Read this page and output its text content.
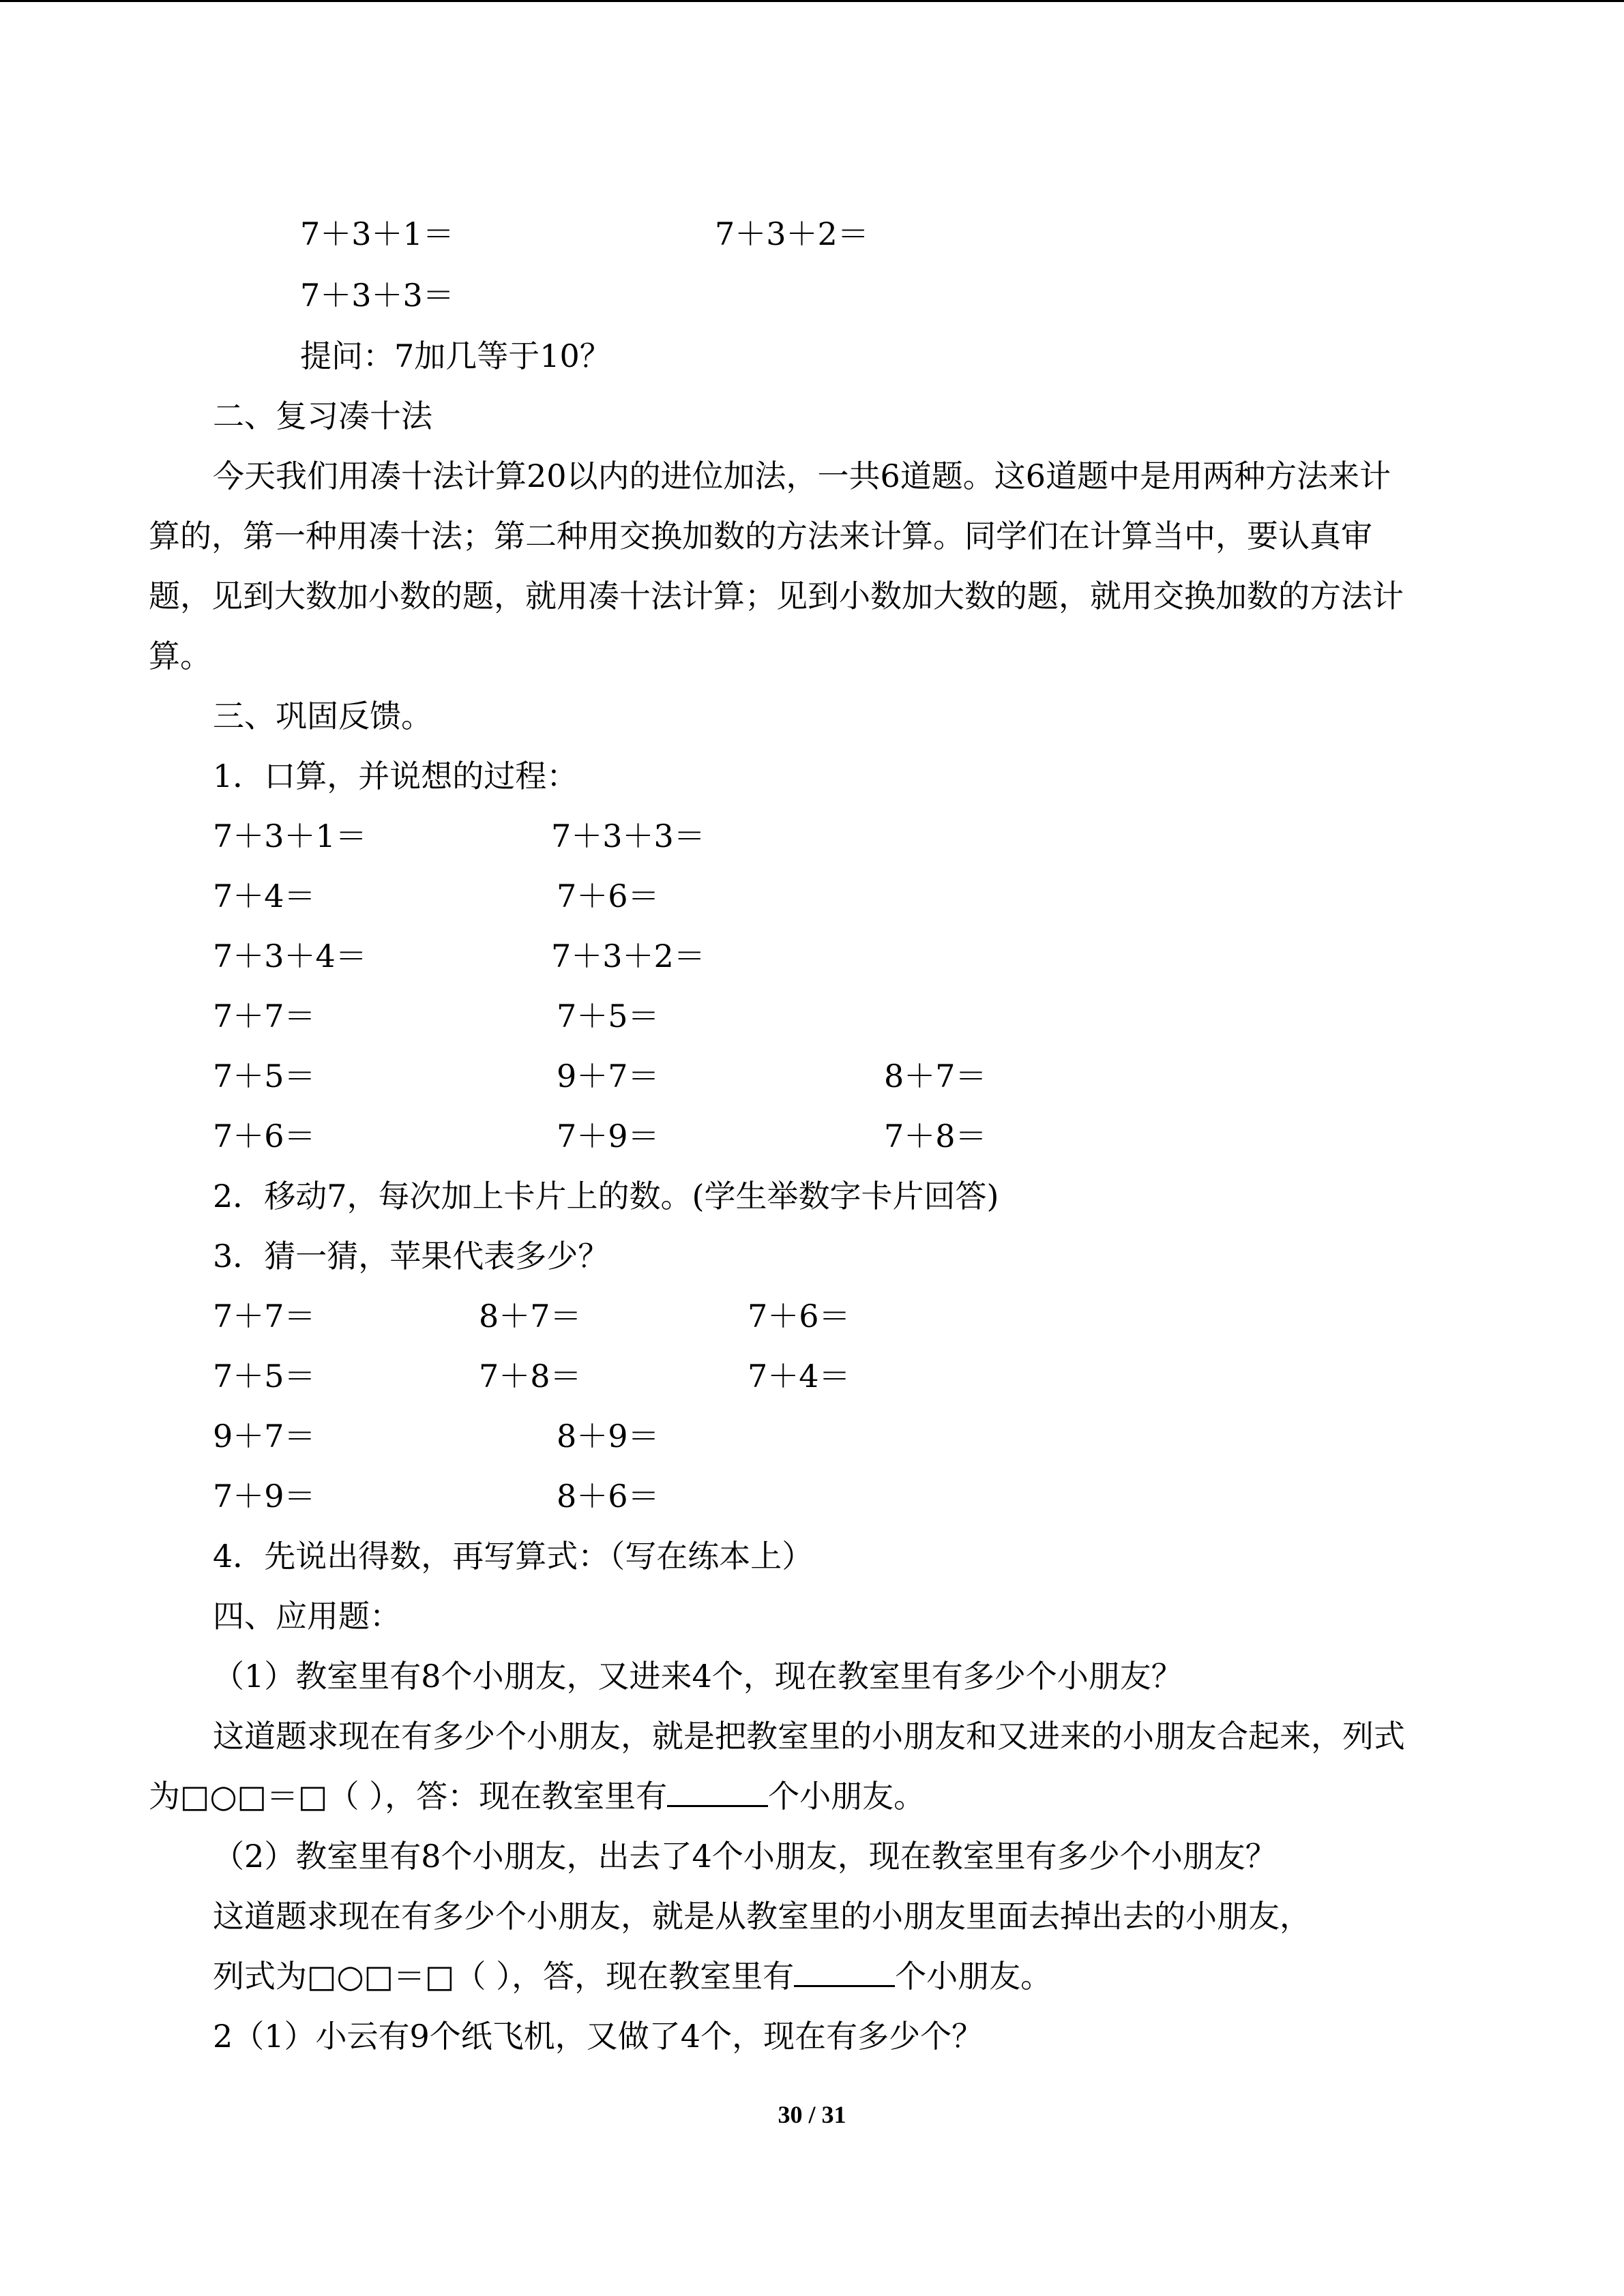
7＋3＋1＝	7＋3＋2＝
7＋3＋3＝
提问：7加几等于10？
二、复习凑十法
今天我们用凑十法计算20以内的进位加法，一共6道题。这6道题中是用两种方法来计
算的，第一种用凑十法；第二种用交换加数的方法来计算。同学们在计算当中，要认真审
题，见到大数加小数的题，就用凑十法计算；见到小数加大数的题，就用交换加数的方法计
算。
三、巩固反馈。
1．口算，并说想的过程：
7＋3＋1＝	7＋3＋3＝
7＋4＝	7＋6＝
7＋3＋4＝	7＋3＋2＝
7＋7＝	7＋5＝
7＋5＝	9＋7＝	8＋7＝
7＋6＝	7＋9＝	7＋8＝
2．移动7，每次加上卡片上的数。(学生举数字卡片回答)
3．猜一猜，苹果代表多少？
7＋7＝	8＋7＝	7＋6＝
7＋5＝	7＋8＝	7＋4＝
9＋7＝	8＋9＝
7＋9＝	8＋6＝
4．先说出得数，再写算式：（写在练本上）
四、应用题：
（1）教室里有8个小朋友，又进来4个，现在教室里有多少个小朋友？
这道题求现在有多少个小朋友，就是把教室里的小朋友和又进来的小朋友合起来，列式
为□○□＝□（ ），答：现在教室里有	个小朋友。
（2）教室里有8个小朋友，出去了4个小朋友，现在教室里有多少个小朋友？
这道题求现在有多少个小朋友，就是从教室里的小朋友里面去掉出去的小朋友，
列式为□○□＝□（ ），答，现在教室里有	个小朋友。
2（1）小云有9个纸飞机，又做了4个，现在有多少个？
30 / 31
